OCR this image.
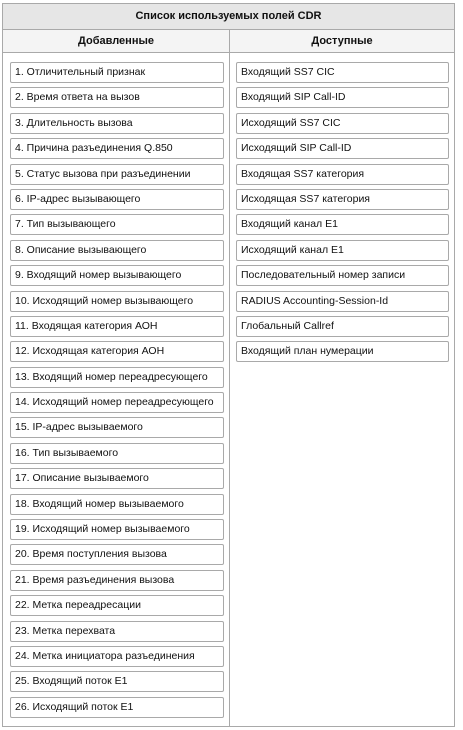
Список используемых полей CDR
Добавленные	Доступные
1. Отличительный признак
2. Время ответа на вызов
3. Длительность вызова
4. Причина разъединения Q.850
5. Статус вызова при разъединении
6. IP-адрес вызывающего
7. Тип вызывающего
8. Описание вызывающего
9. Входящий номер вызывающего
10. Исходящий номер вызывающего
11. Входящая категория АОН
12. Исходящая категория АОН
13. Входящий номер переадресующего
14. Исходящий номер переадресующего
15. IP-адрес вызываемого
16. Тип вызываемого
17. Описание вызываемого
18. Входящий номер вызываемого
19. Исходящий номер вызываемого
20. Время поступления вызова
21. Время разъединения вызова
22. Метка переадресации
23. Метка перехвата
24. Метка инициатора разъединения
25. Входящий поток E1
26. Исходящий поток E1
Входящий SS7 CIC
Входящий SIP Call-ID
Исходящий SS7 CIC
Исходящий SIP Call-ID
Входящая SS7 категория
Исходящая SS7 категория
Входящий канал E1
Исходящий канал E1
Последовательный номер записи
RADIUS Accounting-Session-Id
Глобальный Callref
Входящий план нумерации
